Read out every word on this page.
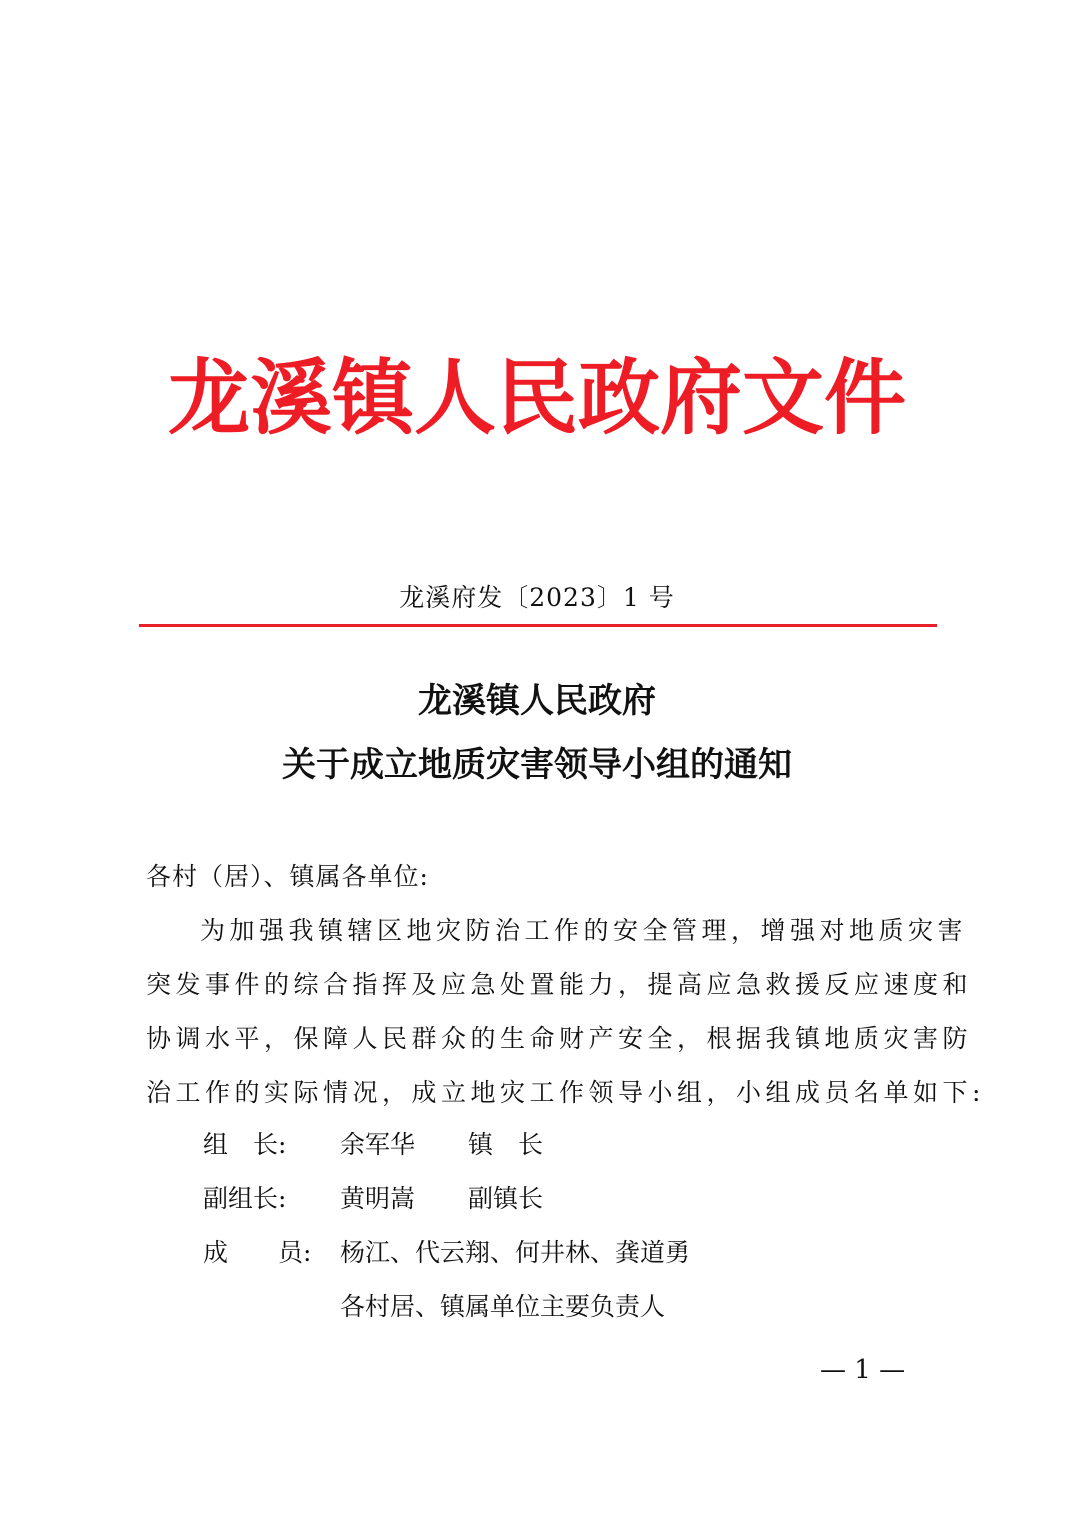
龙溪镇人民政府文件
龙溪府发〔2023〕1 号
龙溪镇人民政府
关于成立地质灾害领导小组的通知
各村（居）、镇属各单位:
为加强我镇辖区地灾防治工作的安全管理，增强对地质灾害
突发事件的综合指挥及应急处置能力，提高应急救援反应速度和
协调水平，保障人民群众的生命财产安全，根据我镇地质灾害防
治工作的实际情况，成立地灾工作领导小组，小组成员名单如下:
组　长: 余军华 镇　长
副组长: 黄明嵩 副镇长
成　　员: 杨江、代云翔、何井林、龚道勇
各村居、镇属单位主要负责人
— 1 —
